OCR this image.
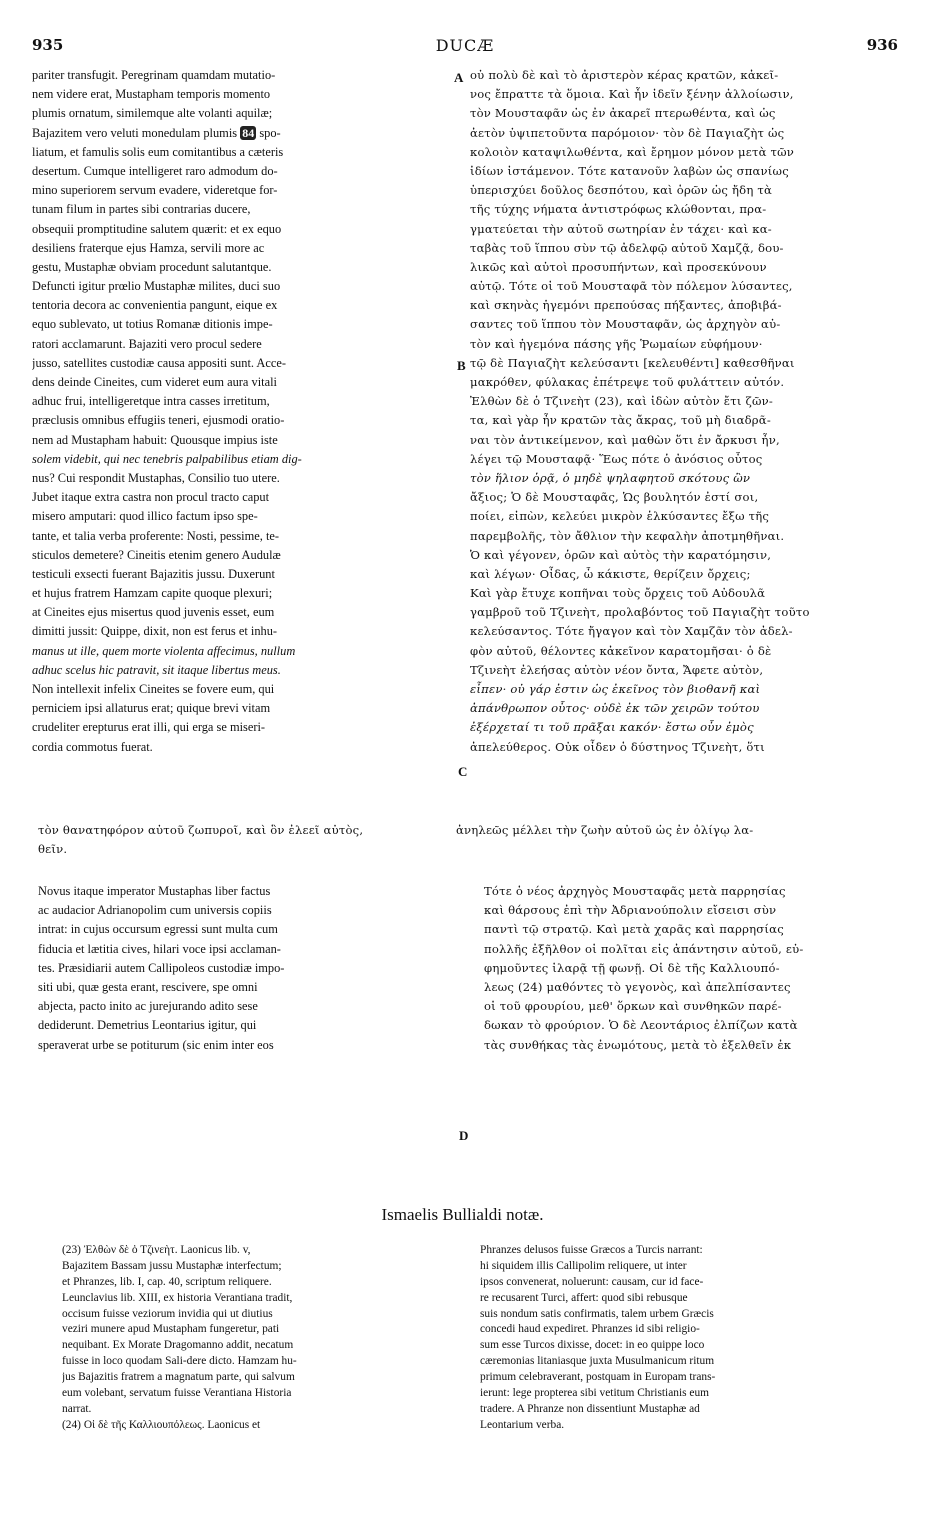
935	DUCÆ	936
A
B
C
D
pariter transfugit. Peregrinam quamdam mutatio-
nem videre erat, Mustapham temporis momento
plumis ornatum, similemque alte volanti aquilæ;
Bajazitem vero veluti monedulam plumis 84 spo-
liatum, et famulis solis eum comitantibus a cæteris
desertum. Cumque intelligeret raro admodum do-
mino superiorem servum evadere, videretque for-
tunam filum in partes sibi contrarias ducere,
obsequii promptitudine salutem quærit: et ex equo
desiliens fraterque ejus Hamza, servili more ac
gestu, Mustaphæ obviam procedunt salutantque.
Defuncti igitur prœlio Mustaphæ milites, duci suo
tentoria decora ac convenientia pangunt, eique ex
equo sublevato, ut totius Romanæ ditionis impe-
ratori acclamarunt. Bajaziti vero procul sedere
jusso, satellites custodiæ causa appositi sunt. Acce-
dens deinde Cineites, cum videret eum aura vitali
adhuc frui, intelligeretque intra casses irretitum,
præclusis omnibus effugiis teneri, ejusmodi oratio-
nem ad Mustapham habuit: Quousque impius iste
solem videbit, qui nec tenebris palpabilibus etiam dig-
nus? Cui respondit Mustaphas, Consilio tuo utere.
Jubet itaque extra castra non procul tracto caput
misero amputari: quod illico factum ipso spe-
tante, et talia verba proferente: Nosti, pessime, te-
sticulos demetere? Cineitis etenim genero Audulæ
testiculi exsecti fuerant Bajazitis jussu. Duxerunt
et hujus fratrem Hamzam capite quoque plexuri;
at Cineites ejus misertus quod juvenis esset, eum
dimitti jussit: Quippe, dixit, non est ferus et inhu-
manus ut ille, quem morte violenta affecimus, nullum
adhuc scelus hic patravit, sit itaque libertus meus.
Non intellexit infelix Cineites se fovere eum, qui
perniciem ipsi allaturus erat; quique brevi vitam
crudeliter erepturus erat illi, qui erga se miseri-
cordia commotus fuerat.
οὐ πολὺ δὲ καὶ τὸ ἀριστερὸν κέρας κρατῶν, κἀκεῖ-
νος ἔπραττε τὰ ὅμοια. Καὶ ἦν ἰδεῖν ξένην ἀλλοίωσιν,
τὸν Μουσταφᾶν ὡς ἐν ἀκαρεῖ πτερωθέντα, καὶ ὡς
ἀετὸν ὑψιπετοῦντα παρόμοιον· τὸν δὲ Παγιαζὴτ ὡς
κολοιὸν καταψιλωθέντα, καὶ ἔρημον μόνον μετὰ τῶν
ἰδίων ἱστάμενον. Τότε κατανοῦν λαβὼν ὡς σπανίως
ὑπερισχύει δοῦλος δεσπότου, καὶ ὁρῶν ὡς ἤδη τὰ
τῆς τύχης νήματα ἀντιστρόφως κλώθονται, πρα-
γματεύεται τὴν αὐτοῦ σωτηρίαν ἐν τάχει· καὶ κα-
ταβὰς τοῦ ἵππου σὺν τῷ ἀδελφῷ αὐτοῦ Χαμζᾷ, δου-
λικῶς καὶ αὐτοὶ προσυπήντων, καὶ προσεκύνουν
αὐτῷ. Τότε οἱ τοῦ Μουσταφᾶ τὸν πόλεμον λύσαντες,
καὶ σκηνὰς ἡγεμόνι πρεπούσας πήξαντες, ἀποβιβά-
σαντες τοῦ ἵππου τὸν Μουσταφᾶν, ὡς ἀρχηγὸν αὐ-
τὸν καὶ ἡγεμόνα πάσης γῆς Ῥωμαίων εὐφήμουν·
τῷ δὲ Παγιαζὴτ κελεύσαντι [κελευθέντι] καθεσθῆναι
μακρόθεν, φύλακας ἐπέτρεψε τοῦ φυλάττειν αὐτόν.
Ἐλθὼν δὲ ὁ Τζινεὴτ (23), καὶ ἰδὼν αὐτὸν ἔτι ζῶν-
τα, καὶ γὰρ ἦν κρατῶν τὰς ἄκρας, τοῦ μὴ διαδρᾶ-
ναι τὸν ἀντικείμενον, καὶ μαθὼν ὅτι ἐν ἄρκυσι ἦν,
λέγει τῷ Μουσταφᾷ· Ἕως πότε ὁ ἀνόσιος οὗτος
τὸν ἥλιον ὁρᾷ, ὁ μηδὲ ψηλαφητοῦ σκότους ὢν
ἄξιος; Ὁ δὲ Μουσταφᾶς, Ὡς βουλητόν ἐστί σοι,
ποίει, εἰπὼν, κελεύει μικρὸν ἑλκύσαντες ἔξω τῆς
παρεμβολῆς, τὸν ἄθλιον τὴν κεφαλὴν ἀποτμηθῆναι.
Ὁ καὶ γέγονεν, ὁρῶν καὶ αὐτὸς τὴν καρατόμησιν,
καὶ λέγων· Οἶδας, ὦ κάκιστε, θερίζειν ὄρχεις;
Καὶ γὰρ ἔτυχε κοπῆναι τοὺς ὄρχεις τοῦ Αὐδουλᾶ
γαμβροῦ τοῦ Τζινεὴτ, προλαβόντος τοῦ Παγιαζὴτ τοῦτο
κελεύσαντος. Τότε ἤγαγον καὶ τὸν Χαμζᾶν τὸν ἀδελ-
φὸν αὐτοῦ, θέλοντες κἀκεῖνον καρατομῆσαι· ὁ δὲ
Τζινεὴτ ἐλεήσας αὐτὸν νέον ὄντα, Ἄφετε αὐτὸν,
εἶπεν· οὐ γάρ ἐστιν ὡς ἐκεῖνος τὸν βιοθανῆ καὶ
ἀπάνθρωπον οὗτος· οὐδὲ ἐκ τῶν χειρῶν τούτου
ἐξέρχεταί τι τοῦ πρᾶξαι κακόν· ἔστω οὖν ἐμὸς
ἀπελεύθερος. Οὐκ οἶδεν ὁ δύστηνος Τζινεὴτ, ὅτι
τὸν θανατηφόρον αὐτοῦ ζωπυροῖ, καὶ ὃν ἐλεεῖ αὐτὸς,	ἀνηλεῶς μέλλει τὴν ζωὴν αὐτοῦ ὡς ἐν ὀλίγῳ λα-
θεῖν.
Novus itaque imperator Mustaphas liber factus
ac audacior Adrianopolim cum universis copiis
intrat: in cujus occursum egressi sunt multa cum
fiducia et lætitia cives, hilari voce ipsi acclaman-
tes. Præsidiarii autem Callipoleos custodiæ impo-
siti ubi, quæ gesta erant, rescivere, spe omni
abjecta, pacto inito ac jurejurando adito sese
dediderunt. Demetrius Leontarius igitur, qui
speraverat urbe se potiturum (sic enim inter eos
Τότε ὁ νέος ἀρχηγὸς Μουσταφᾶς μετὰ παρρησίας
καὶ θάρσους ἐπὶ τὴν Ἀδριανούπολιν εἴσεισι σὺν
παντὶ τῷ στρατῷ. Καὶ μετὰ χαρᾶς καὶ παρρησίας
πολλῆς ἐξῆλθον οἱ πολῖται εἰς ἀπάντησιν αὐτοῦ, εὐ-
φημοῦντες ἱλαρᾷ τῇ φωνῇ. Οἱ δὲ τῆς Καλλιουπό-
λεως (24) μαθόντες τὸ γεγονὸς, καὶ ἀπελπίσαντες
οἱ τοῦ φρουρίου, μεθ' ὅρκων καὶ συνθηκῶν παρέ-
δωκαν τὸ φρούριον. Ὁ δὲ Λεοντάριος ἐλπίζων κατὰ
τὰς συνθήκας τὰς ἐνωμότους, μετὰ τὸ ἐξελθεῖν ἐκ
Ismaelis Bullialdi notæ.
(23) Ἐλθὼν δὲ ὁ Τζινεὴτ. Laonicus lib. v,
Bajazitem Bassam jussu Mustaphæ interfectum;
et Phranzes, lib. I, cap. 40, scriptum reliquere.
Leunclavius lib. XIII, ex historia Verantiana tradit,
occisum fuisse veziorum invidia qui ut diutius
veziri munere apud Mustapham fungeretur, pati
nequibant. Ex Morate Dragomanno addit, necatum
fuisse in loco quodam Sali-dere dicto. Hamzam hu-
jus Bajazitis fratrem a magnatum parte, qui salvum
eum volebant, servatum fuisse Verantiana Historia
narrat.
(24) Οἱ δὲ τῆς Καλλιουπόλεως. Laonicus et
Phranzes delusos fuisse Græcos a Turcis narrant:
hi siquidem illis Callipolim reliquere, ut inter
ipsos convenerat, noluerunt: causam, cur id face-
re recusarent Turci, affert: quod sibi rebusque
suis nondum satis confirmatis, talem urbem Græcis
concedi haud expediret. Phranzes id sibi religio-
sum esse Turcos dixisse, docet: in eo quippe loco
cæremonias litaniasque juxta Musulmanicum ritum
primum celebraverant, postquam in Europam trans-
ierunt: lege propterea sibi vetitum Christianis eum
tradere. A Phranze non dissentiunt Mustaphæ ad
Leontarium verba.
